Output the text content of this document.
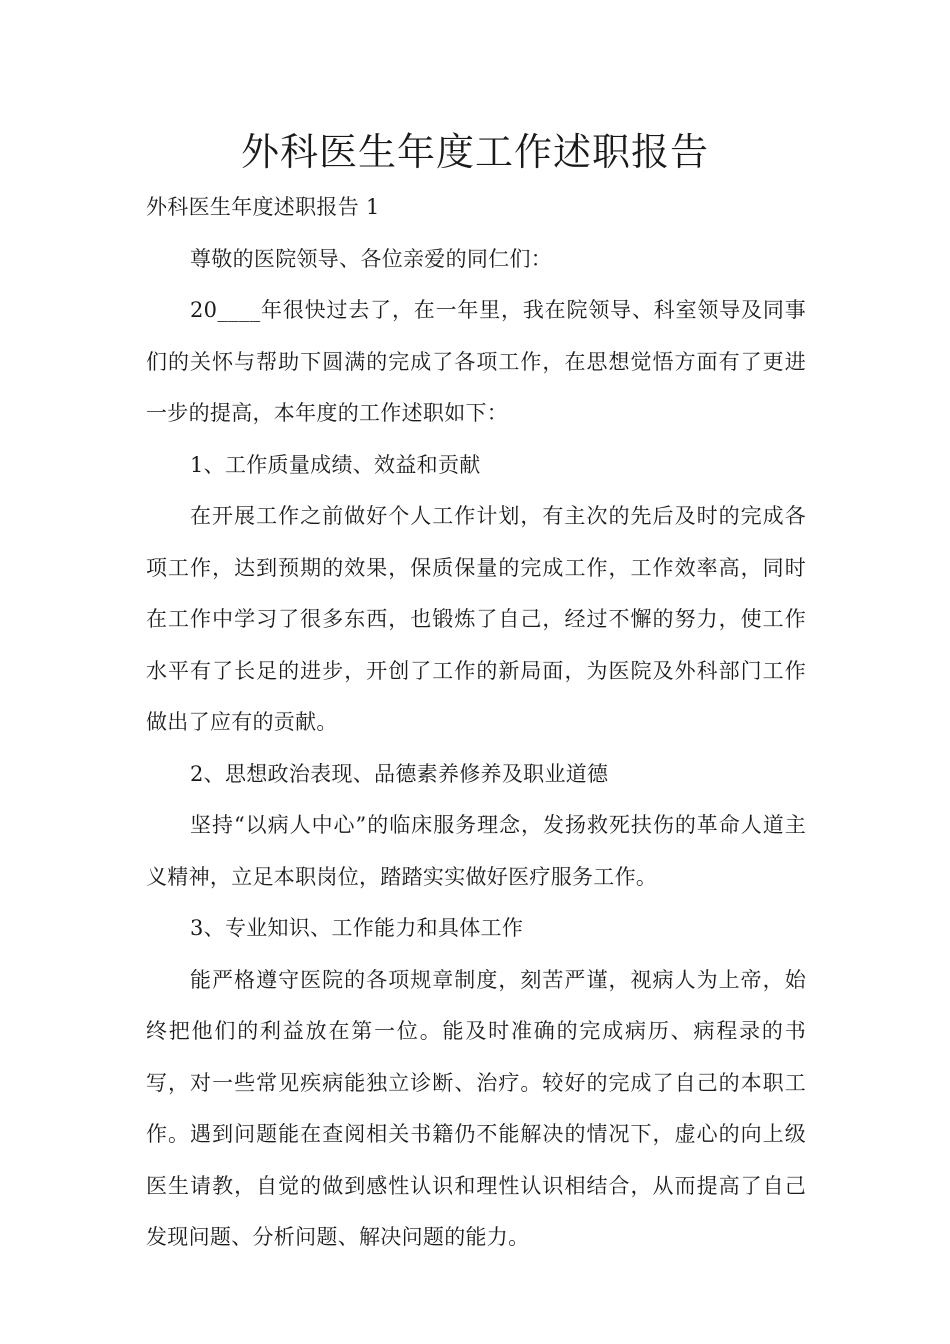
外科医生年度工作述职报告

外科医生年度述职报告 1

尊敬的医院领导、各位亲爱的同仁们：

20____年很快过去了，在一年里，我在院领导、科室领导及同事们的关怀与帮助下圆满的完成了各项工作，在思想觉悟方面有了更进一步的提高，本年度的工作述职如下：

1、工作质量成绩、效益和贡献

在开展工作之前做好个人工作计划，有主次的先后及时的完成各项工作，达到预期的效果，保质保量的完成工作，工作效率高，同时在工作中学习了很多东西，也锻炼了自己，经过不懈的努力，使工作水平有了长足的进步，开创了工作的新局面，为医院及外科部门工作做出了应有的贡献。

2、思想政治表现、品德素养修养及职业道德

坚持“以病人中心”的临床服务理念，发扬救死扶伤的革命人道主义精神，立足本职岗位，踏踏实实做好医疗服务工作。

3、专业知识、工作能力和具体工作

能严格遵守医院的各项规章制度，刻苦严谨，视病人为上帝，始终把他们的利益放在第一位。能及时准确的完成病历、病程录的书写，对一些常见疾病能独立诊断、治疗。较好的完成了自己的本职工作。遇到问题能在查阅相关书籍仍不能解决的情况下，虚心的向上级医生请教，自觉的做到感性认识和理性认识相结合，从而提高了自己发现问题、分析问题、解决问题的能力。
